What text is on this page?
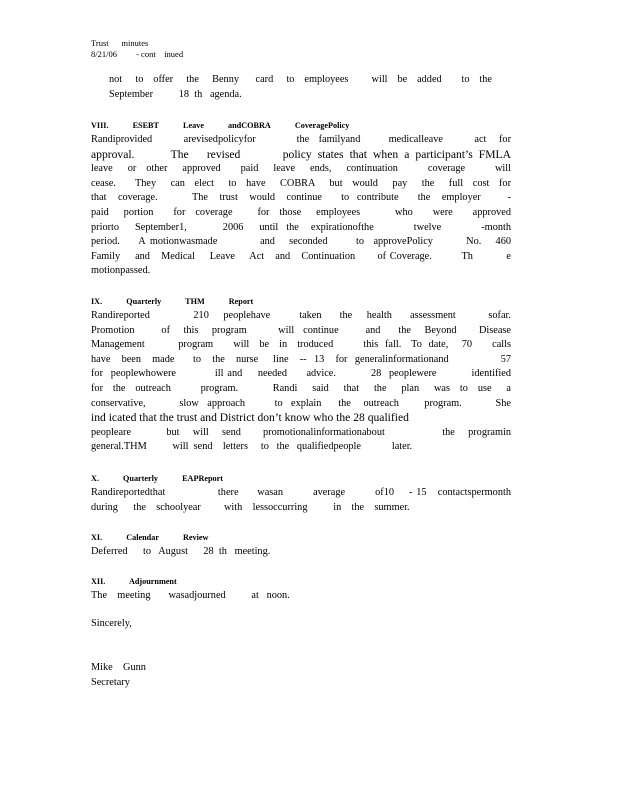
Trust      minutes
8/21/06         - cont    inued
not    to   offer    the    Benny     card    to   employees       will   be   added      to   the
September          18  th   agenda.
VIII.	ESEBT	Leave	andCOBRA	CoveragePolicy
Randiprovided          arevisedpolicyfor             the   familyand         medicalleave          act    for
approval.      The   revised       policy states that when a participant’s FMLA
leave   or  other   approved    paid   leave   ends,   continuation      coverage      will
cease.    They   can  elect   to  have   COBRA   but  would   pay   the   full  cost  for
that   coverage.         The   trust   would   continue     to  contribute     the   employer       -
paid   portion    for  coverage     for  those   employees       who    were    approved
priorto    September1,         2006    until  the   expirationofthe          twelve          -month
period.    A motionwasmade         and   seconded      to  approvePolicy       No.   460
Family    and   Medical    Leave    Act   and   Continuation      of Coverage.        Th         e
motionpassed.
IX.	Quarterly	THM	Report
Randireported            210    peoplehave        taken     the    health     assessment         sofar.
Promotion      of   this   program       will  continue      and    the   Beyond     Disease
Management          program      will   be   in   troduced         this  fall.   To  date,    70      calls
have   been   made     to   the   nurse    line   --  13   for  generalinformationand              57
for  peoplewhowere          ill and    needed     advice.         28  peoplewere         identified
for  the  outreach      program.       Randi   said   that   the   plan   was  to  use   a
conservative,        slow  approach       to  explain    the   outreach      program.        She
ind icated that the trust and District don’t know who the 28 qualified
peopleare        but   will   send     promotionalinformationabout             the   programin
general.THM          will  send    letters     to   the   qualifiedpeople            later.
X.	Quarterly	EAPReport
Randireportedthat              there     wasan        average        of10    - 15   contactspermonth
during      the    schoolyear         with    lessoccurring          in    the    summer.
XI.	Calendar	Review
Deferred      to   August      28  th   meeting.
XII.	Adjournment
The    meeting       wasadjourned          at   noon.
Sincerely,
Mike    Gunn
Secretary
